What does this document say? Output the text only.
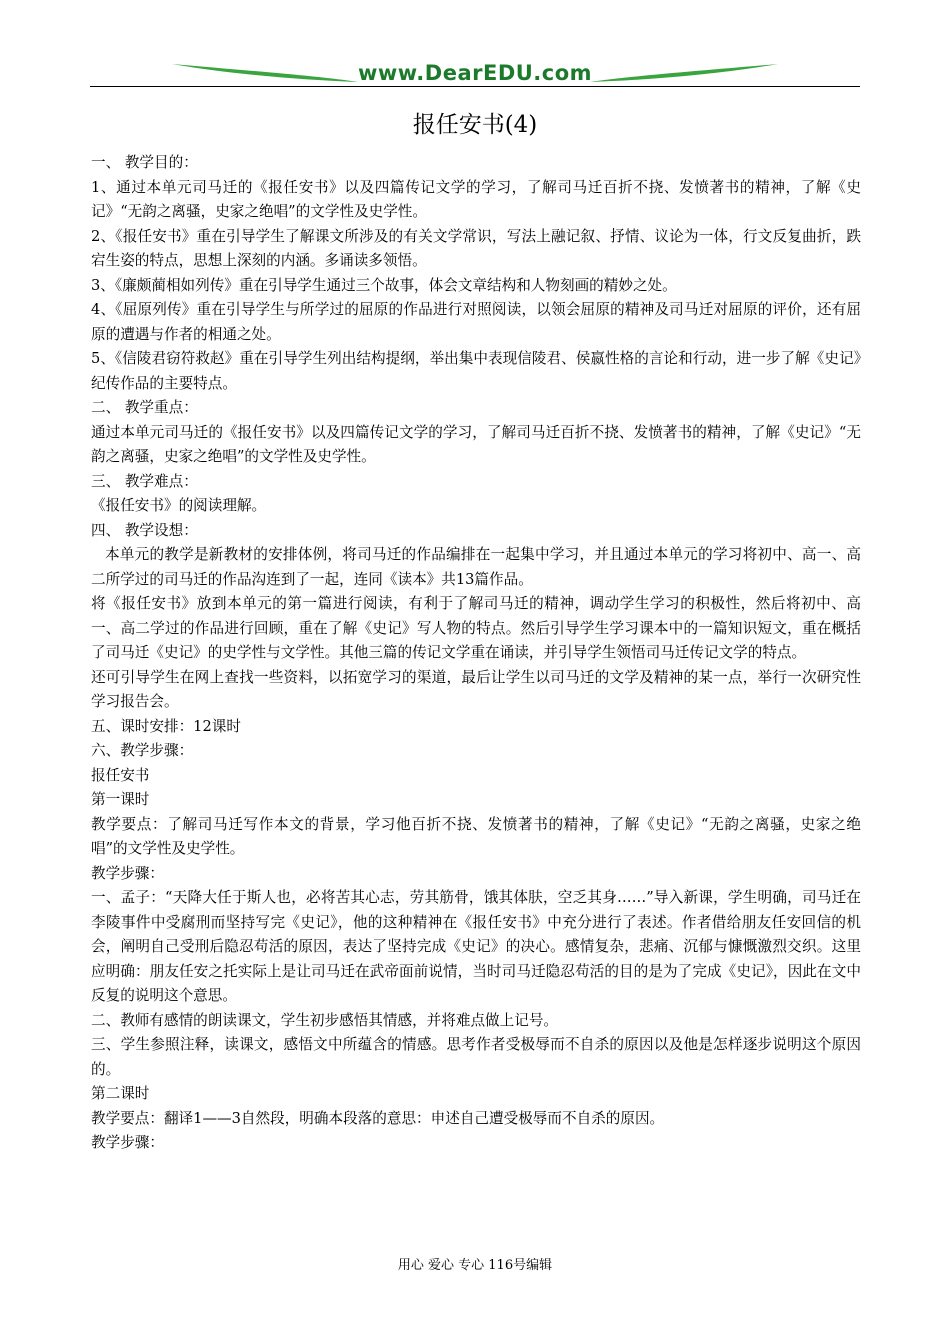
www.DearEDU.com
报任安书(4)

一、 教学目的：

1、通过本单元司马迁的《报任安书》以及四篇传记文学的学习，了解司马迁百折不挠、发愤著书的精神，了解《史记》“无韵之离骚，史家之绝唱”的文学性及史学性。

2、《报任安书》重在引导学生了解课文所涉及的有关文学常识，写法上融记叙、抒情、议论为一体，行文反复曲折，跌宕生姿的特点，思想上深刻的内涵。多诵读多领悟。

3、《廉颇蔺相如列传》重在引导学生通过三个故事，体会文章结构和人物刻画的精妙之处。

4、《屈原列传》重在引导学生与所学过的屈原的作品进行对照阅读，以领会屈原的精神及司马迁对屈原的评价，还有屈原的遭遇与作者的相通之处。

5、《信陵君窃符救赵》重在引导学生列出结构提纲，举出集中表现信陵君、侯嬴性格的言论和行动，进一步了解《史记》纪传作品的主要特点。

二、 教学重点：

通过本单元司马迁的《报任安书》以及四篇传记文学的学习，了解司马迁百折不挠、发愤著书的精神，了解《史记》“无韵之离骚，史家之绝唱”的文学性及史学性。

三、 教学难点：

《报任安书》的阅读理解。

四、 教学设想：

本单元的教学是新教材的安排体例，将司马迁的作品编排在一起集中学习，并且通过本单元的学习将初中、高一、高二所学过的司马迁的作品沟连到了一起，连同《读本》共13篇作品。

将《报任安书》放到本单元的第一篇进行阅读，有利于了解司马迁的精神，调动学生学习的积极性，然后将初中、高一、高二学过的作品进行回顾，重在了解《史记》写人物的特点。然后引导学生学习课本中的一篇知识短文，重在概括了司马迁《史记》的史学性与文学性。其他三篇的传记文学重在诵读，并引导学生领悟司马迁传记文学的特点。

还可引导学生在网上查找一些资料，以拓宽学习的渠道，最后让学生以司马迁的文学及精神的某一点，举行一次研究性学习报告会。

五、课时安排：12课时

六、教学步骤：

报任安书

第一课时

教学要点：了解司马迁写作本文的背景，学习他百折不挠、发愤著书的精神，了解《史记》“无韵之离骚，史家之绝唱”的文学性及史学性。

教学步骤：

一、孟子：“天降大任于斯人也，必将苦其心志，劳其筋骨，饿其体肤，空乏其身……”导入新课，学生明确，司马迁在李陵事件中受腐刑而坚持写完《史记》，他的这种精神在《报任安书》中充分进行了表述。作者借给朋友任安回信的机会，阐明自己受刑后隐忍苟活的原因，表达了坚持完成《史记》的决心。感情复杂，悲痛、沉郁与慷慨激烈交织。这里应明确：朋友任安之托实际上是让司马迁在武帝面前说情，当时司马迁隐忍苟活的目的是为了完成《史记》，因此在文中反复的说明这个意思。

二、教师有感情的朗读课文，学生初步感悟其情感，并将难点做上记号。

三、学生参照注释，读课文，感悟文中所蕴含的情感。思考作者受极辱而不自杀的原因以及他是怎样逐步说明这个原因的。

第二课时

教学要点：翻译1——3自然段，明确本段落的意思：申述自己遭受极辱而不自杀的原因。

教学步骤：

用心 爱心 专心 116号编辑
